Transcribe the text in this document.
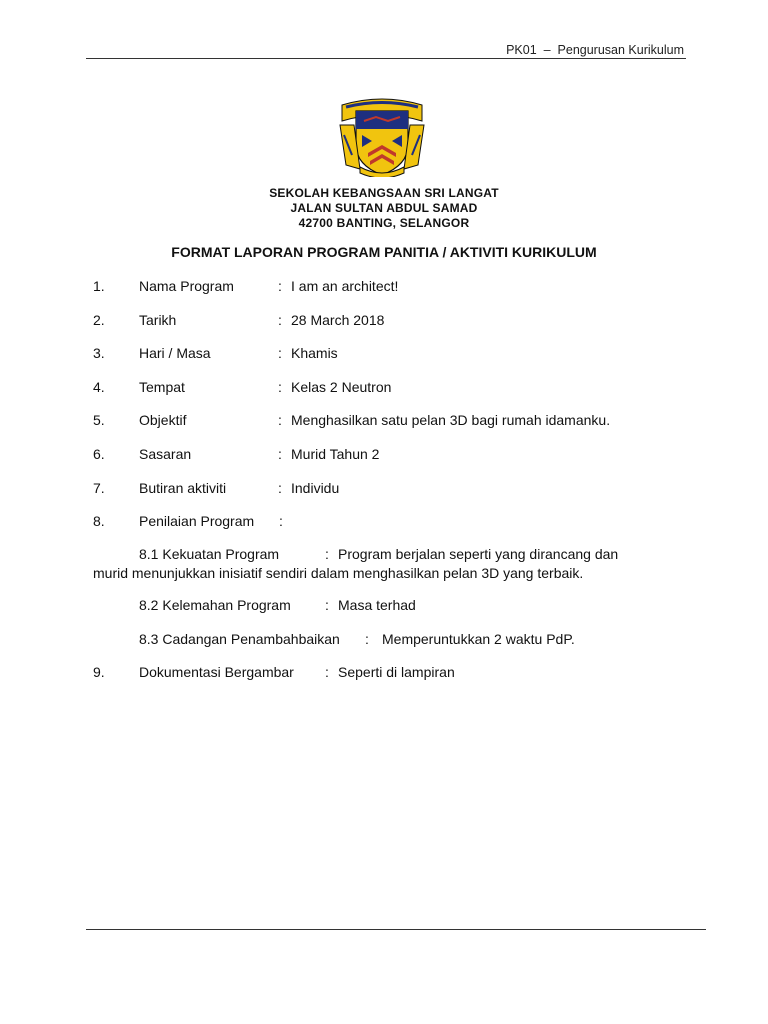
PK01 – Pengurusan Kurikulum
SEKOLAH KEBANGSAAN SRI LANGAT
JALAN SULTAN ABDUL SAMAD
42700 BANTING, SELANGOR
FORMAT LAPORAN PROGRAM PANITIA / AKTIVITI KURIKULUM
1. Nama Program	: I am an architect!
2. Tarikh	: 28 March 2018
3. Hari / Masa	: Khamis
4. Tempat	: Kelas 2 Neutron
5. Objektif	: Menghasilkan satu pelan 3D bagi rumah idamanku.
6. Sasaran	: Murid Tahun 2
7. Butiran aktiviti	: Individu
8. Penilaian Program :
8.1 Kekuatan Program	: Program berjalan seperti yang dirancang dan
murid menunjukkan inisiatif sendiri dalam menghasilkan pelan 3D yang terbaik.
8.2 Kelemahan Program : Masa terhad
8.3 Cadangan Penambahbaikan : Memperuntukkan 2 waktu PdP.
9. Dokumentasi Bergambar : Seperti di lampiran
